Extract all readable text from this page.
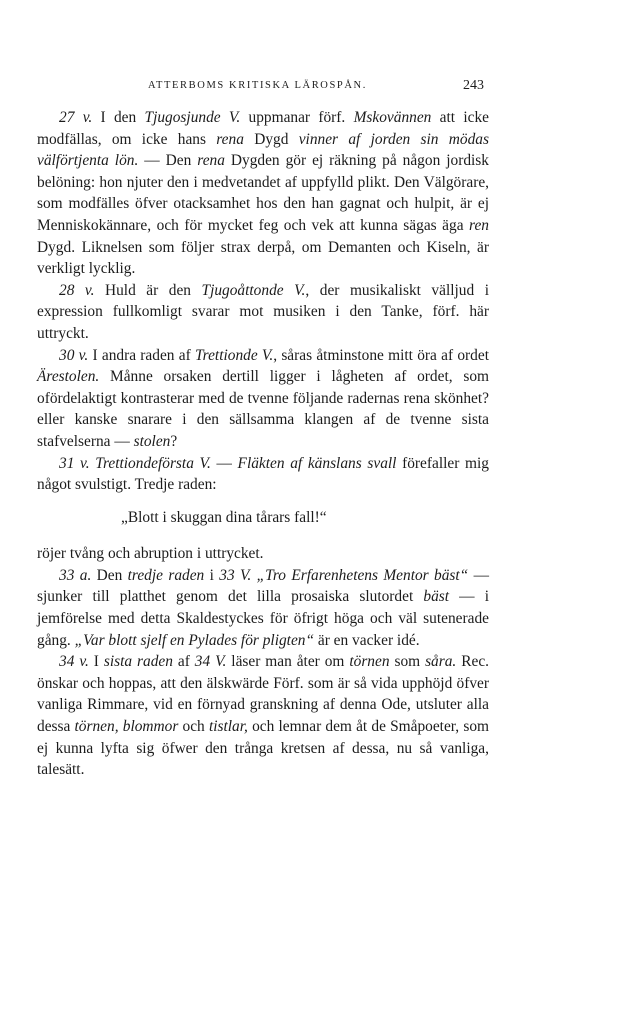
ATTERBOMS KRITISKA LÄROSPÅN.	243

27 v. I den Tjugosjunde V. uppmanar förf. Mskovännen att icke modfällas, om icke hans rena Dygd vinner af jorden sin mödas välförtjenta lön. — Den rena Dygden gör ej räkning på någon jordisk belöning: hon njuter den i medvetandet af uppfylld plikt. Den Välgörare, som modfälles öfver otacksamhet hos den han gagnat och hulpit, är ej Menniskokännare, och för mycket feg och vek att kunna sägas äga ren Dygd. Liknelsen som följer strax derpå, om Demanten och Kiseln, är verkligt lycklig.

28 v. Huld är den Tjugoåttonde V., der musikaliskt välljud i expression fullkomligt svarar mot musiken i den Tanke, förf. här uttryckt.

30 v. I andra raden af Trettionde V., såras åtminstone mitt öra af ordet Ärestolen. Månne orsaken dertill ligger i lågheten af ordet, som ofördelaktigt kontrasterar med de tvenne följande radernas rena skönhet? eller kanske snarare i den sällsamma klangen af de tvenne sista stafvelserna — stolen?

31 v. Trettiondeförsta V. — Fläkten af känslans svall förefaller mig något svulstigt. Tredje raden:

„Blott i skuggan dina tårars fall!“

röjer tvång och abruption i uttrycket.

33 a. Den tredje raden i 33 V. „Tro Erfarenhetens Mentor bäst“ — sjunker till platthet genom det lilla prosaiska slutordet bäst — i jemförelse med detta Skaldestyckes för öfrigt höga och väl sutenerade gång. „Var blott sjelf en Pylades för pligten“ är en vacker idé.

34 v. I sista raden af 34 V. läser man åter om törnen som såra. Rec. önskar och hoppas, att den älskwärde Förf. som är så vida upphöjd öfver vanliga Rimmare, vid en förnyad granskning af denna Ode, utsluter alla dessa törnen, blommor och tistlar, och lemnar dem åt de Småpoeter, som ej kunna lyfta sig öfwer den trånga kretsen af dessa, nu så vanliga, talesätt.
